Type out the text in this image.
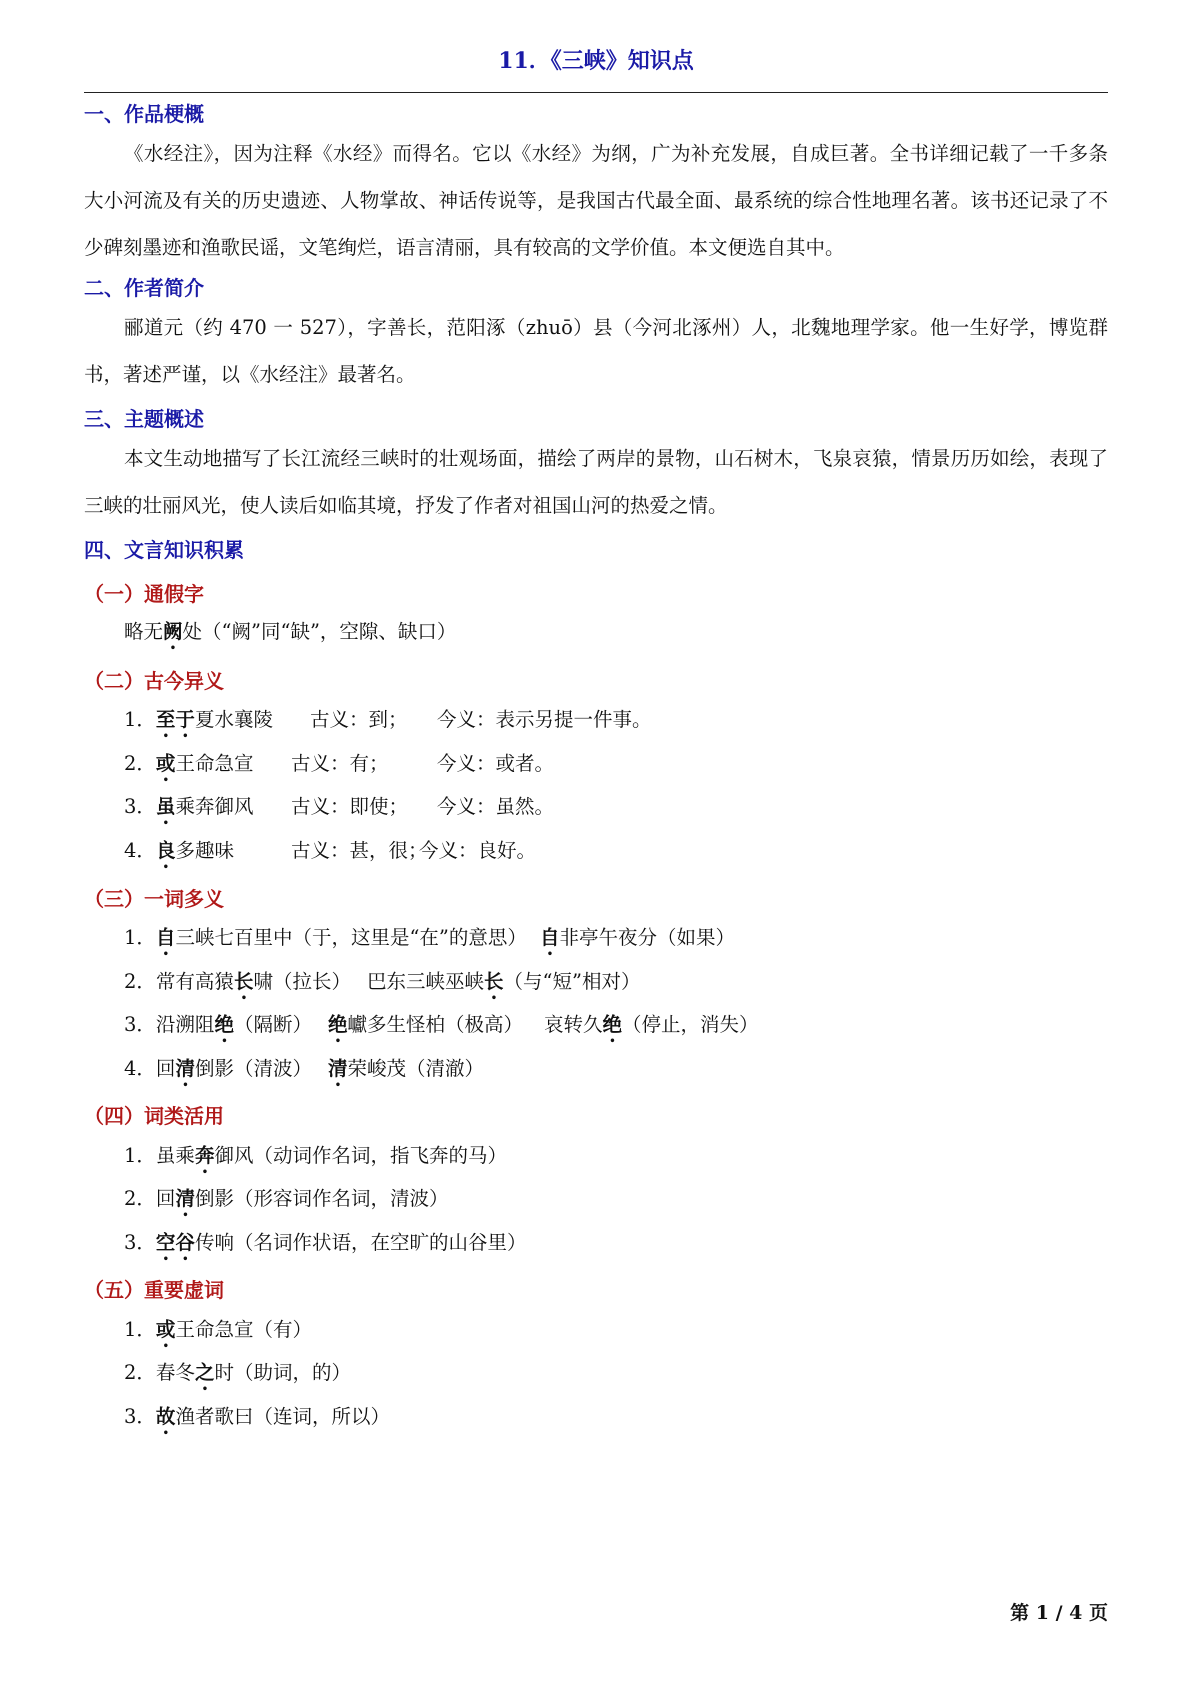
11．《三峡》知识点
一、作品梗概
《水经注》，因为注释《水经》而得名。它以《水经》为纲，广为补充发展，自成巨著。全书详细记载了一千多条大小河流及有关的历史遗迹、人物掌故、神话传说等，是我国古代最全面、最系统的综合性地理名著。该书还记录了不少碑刻墨迹和渔歌民谣，文笔绚烂，语言清丽，具有较高的文学价值。本文便选自其中。
二、作者简介
郦道元（约 470 一 527），字善长，范阳涿（zhuō）县（今河北涿州）人，北魏地理学家。他一生好学，博览群书，著述严谨，以《水经注》最著名。
三、主题概述
本文生动地描写了长江流经三峡时的壮观场面，描绘了两岸的景物，山石树木，飞泉哀猿，情景历历如绘，表现了三峡的壮丽风光，使人读后如临其境，抒发了作者对祖国山河的热爱之情。
四、文言知识积累
（一）通假字
略无阙处（“阙”同“缺”，空隙、缺口）
（二）古今异义
1．至于夏水襄陵 古义：到； 今义：表示另提一件事。
2．或王命急宣 古义：有； 今义：或者。
3．虽乘奔御风 古义：即使； 今义：虽然。
4．良多趣味	古义：甚，很；
今义：良好。
（三）一词多义
1．自三峡七百里中（于，这里是“在”的意思） 自非亭午夜分（如果）
2．常有高猿长啸（拉长） 巴东三峡巫峡长（与“短”相对）
3．沿溯阻绝（隔断） 绝巘多生怪柏（极高） 哀转久绝（停止，消失）
4．回清倒影（清波） 清荣峻茂（清澈）
（四）词类活用
1．虽乘奔御风（动词作名词，指飞奔的马）
2．回清倒影（形容词作名词，清波）
3．空谷传响（名词作状语，在空旷的山谷里）
（五）重要虚词
1．或王命急宣（有）
2．春冬之时（助词，的）
3．故渔者歌曰（连词，所以）
第 1 / 4 页
